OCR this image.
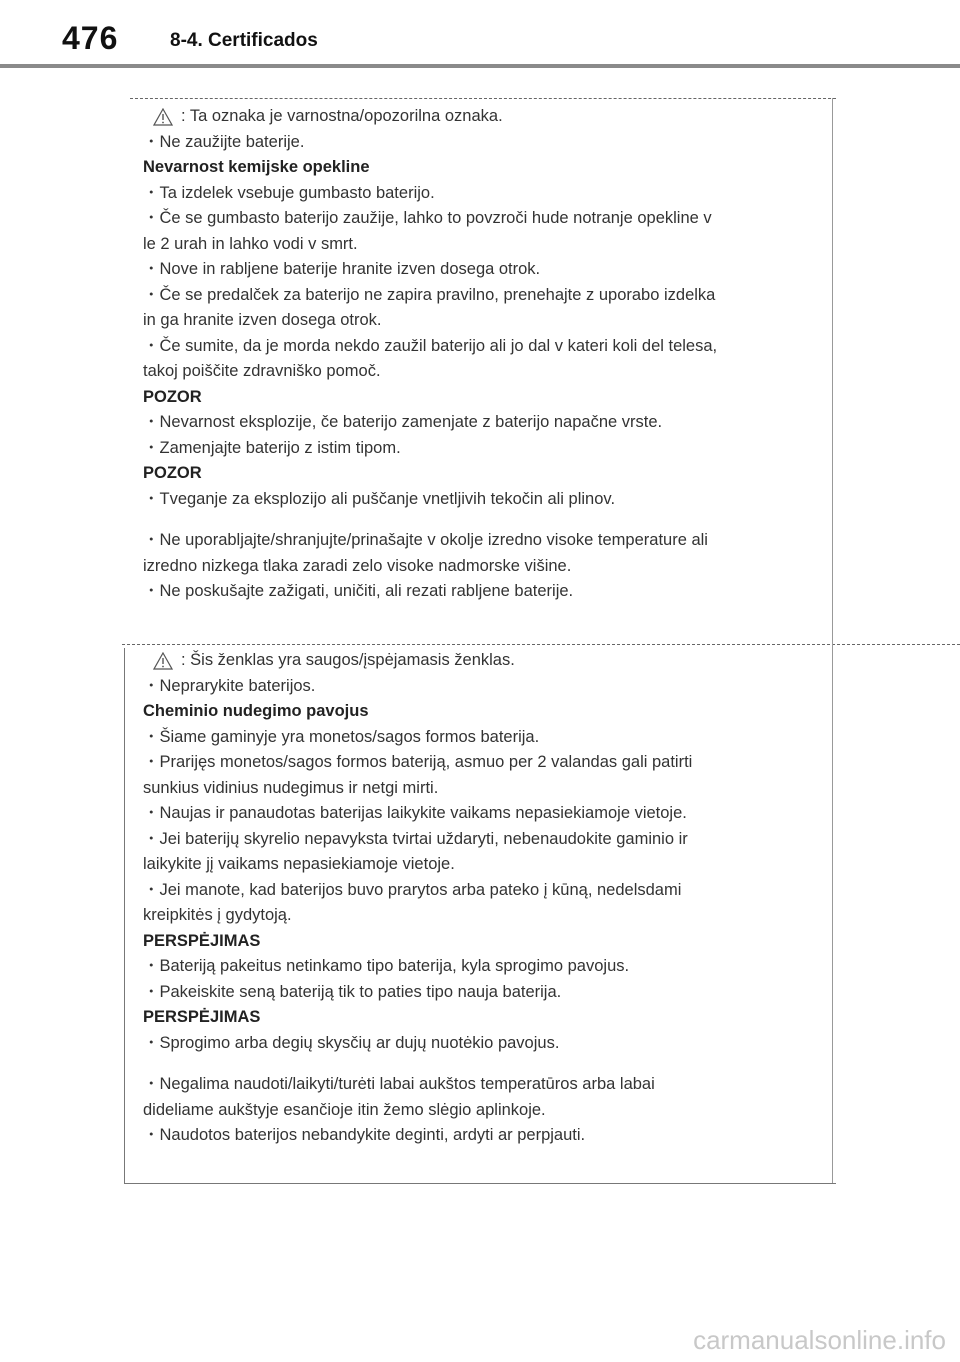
476	8-4. Certificados
: Ta oznaka je varnostna/opozorilna oznaka.
・Ne zaužijte baterije.
Nevarnost kemijske opekline
・Ta izdelek vsebuje gumbasto baterijo.
・Če se gumbasto baterijo zaužije, lahko to povzroči hude notranje opekline v
le 2 urah in lahko vodi v smrt.
・Nove in rabljene baterije hranite izven dosega otrok.
・Če se predalček za baterijo ne zapira pravilno, prenehajte z uporabo izdelka
in ga hranite izven dosega otrok.
・Če sumite, da je morda nekdo zaužil baterijo ali jo dal v kateri koli del telesa,
takoj poiščite zdravniško pomoč.
POZOR
・Nevarnost eksplozije, če baterijo zamenjate z baterijo napačne vrste.
・Zamenjajte baterijo z istim tipom.
POZOR
・Tveganje za eksplozijo ali puščanje vnetljivih tekočin ali plinov.
・Ne uporabljajte/shranjujte/prinašajte v okolje izredno visoke temperature ali
izredno nizkega tlaka zaradi zelo visoke nadmorske višine.
・Ne poskušajte zažigati, uničiti, ali rezati rabljene baterije.
: Šis ženklas yra saugos/įspėjamasis ženklas.
・Neprarykite baterijos.
Cheminio nudegimo pavojus
・Šiame gaminyje yra monetos/sagos formos baterija.
・Prarijęs monetos/sagos formos bateriją, asmuo per 2 valandas gali patirti
sunkius vidinius nudegimus ir netgi mirti.
・Naujas ir panaudotas baterijas laikykite vaikams nepasiekiamoje vietoje.
・Jei baterijų skyrelio nepavyksta tvirtai uždaryti, nebenaudokite gaminio ir
laikykite jį vaikams nepasiekiamoje vietoje.
・Jei manote, kad baterijos buvo prarytos arba pateko į kūną, nedelsdami
kreipkitės į gydytoją.
PERSPĖJIMAS
・Bateriją pakeitus netinkamo tipo baterija, kyla sprogimo pavojus.
・Pakeiskite seną bateriją tik to paties tipo nauja baterija.
PERSPĖJIMAS
・Sprogimo arba degių skysčių ar dujų nuotėkio pavojus.
・Negalima naudoti/laikyti/turėti labai aukštos temperatūros arba labai
dideliame aukštyje esančioje itin žemo slėgio aplinkoje.
・Naudotos baterijos nebandykite deginti, ardyti ar perpjauti.
carmanualsonline.info
